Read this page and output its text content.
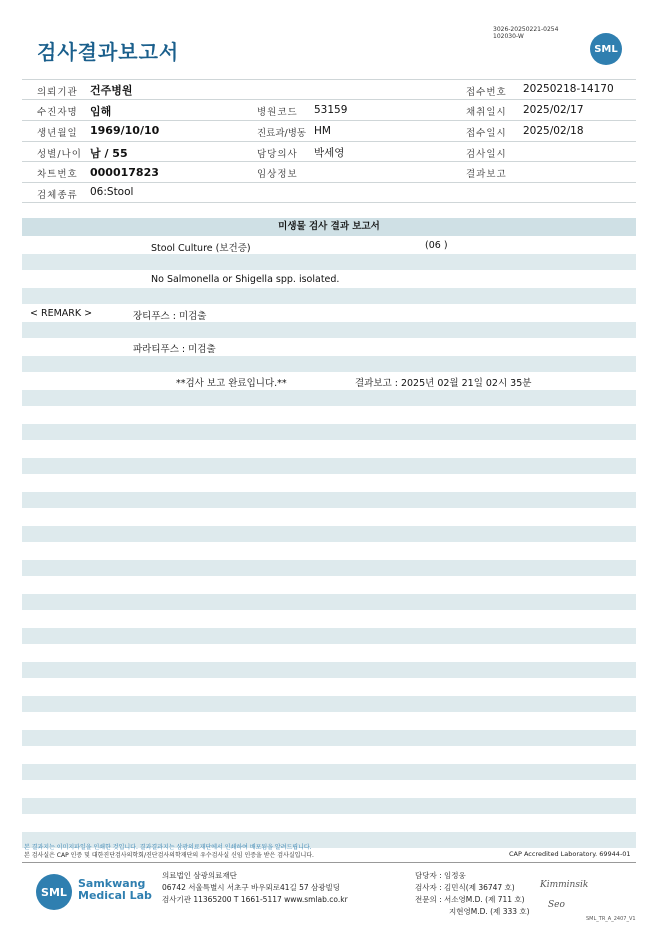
검사결과보고서
3026-20250221-0254
102030-W
SML
의뢰기관 건주병원	접수번호 20250218-14170
수진자명 임해	병원코드 53159	채취일시 2025/02/17
생년월일 1969/10/10	진료과/병동 HM	접수일시 2025/02/18
성별/나이 남 / 55	담당의사 박세영	검사일시
차트번호 000017823	임상정보	결과보고
검체종류 06:Stool
미생물 검사 결과 보고서
Stool Culture (보건증)	(06 )
No Salmonella or Shigella spp. isolated.
< REMARK >	장티푸스 : 미검출
파라티푸스 : 미검출
**검사 보고 완료입니다.**	결과보고 : 2025년 02월 21일 02시 35분
본 결과지는 이미지파일을 인쇄한 것입니다. 결과결과지는 삼광의료재단에서 인쇄하여 배포됨을 알려드립니다.
본 검사실은 CAP 인증 및 대한진단검사의학회/진단검사의학재단의 우수검사실 신임 인증을 받은 검사실입니다.	CAP Accredited Laboratory. 69944-01
SML
Samkwang
Medical Lab
의료법인 삼광의료재단
06742 서울특별시 서초구 바우뫼로41길 57 삼광빌딩
검사기관 11365200 T 1661-5117 www.smlab.co.kr
담당자 : 임정웅
검사자 : 김민식(제 36747 호)
전문의 : 서소영M.D. (제 711 호)
지현영M.D. (제 333 호)
Kimminsik
Seo
SML_TR_A_2407_V1
